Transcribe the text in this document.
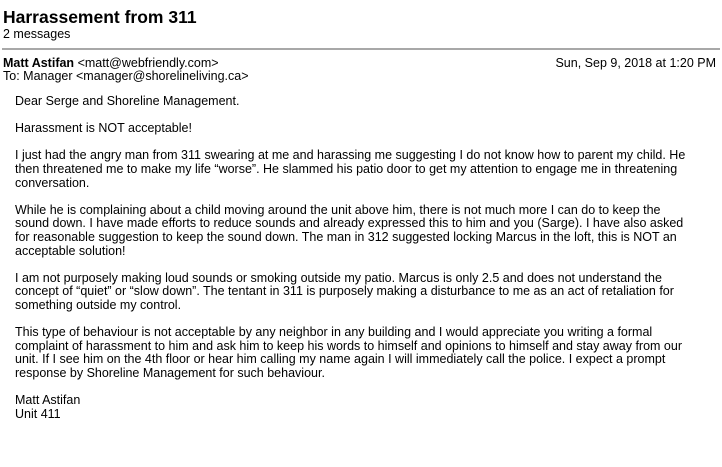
Harrassement from 311
2 messages
Matt Astifan <matt@webfriendly.com>	Sun, Sep 9, 2018 at 1:20 PM
To: Manager <manager@shorelineliving.ca>

Dear Serge and Shoreline Management.

Harassment is NOT acceptable!

I just had the angry man from 311 swearing at me and harassing me suggesting I do not know how to parent my child. He
then threatened me to make my life “worse”. He slammed his patio door to get my attention to engage me in threatening
conversation.

While he is complaining about a child moving around the unit above him, there is not much more I can do to keep the
sound down. I have made efforts to reduce sounds and already expressed this to him and you (Sarge). I have also asked
for reasonable suggestion to keep the sound down. The man in 312 suggested locking Marcus in the loft, this is NOT an
acceptable solution!

I am not purposely making loud sounds or smoking outside my patio. Marcus is only 2.5 and does not understand the
concept of “quiet” or “slow down”. The tentant in 311 is purposely making a disturbance to me as an act of retaliation for
something outside my control.

This type of behaviour is not acceptable by any neighbor in any building and I would appreciate you writing a formal
complaint of harassment to him and ask him to keep his words to himself and opinions to himself and stay away from our
unit. If I see him on the 4th floor or hear him calling my name again I will immediately call the police. I expect a prompt
response by Shoreline Management for such behaviour.

Matt Astifan
Unit 411
